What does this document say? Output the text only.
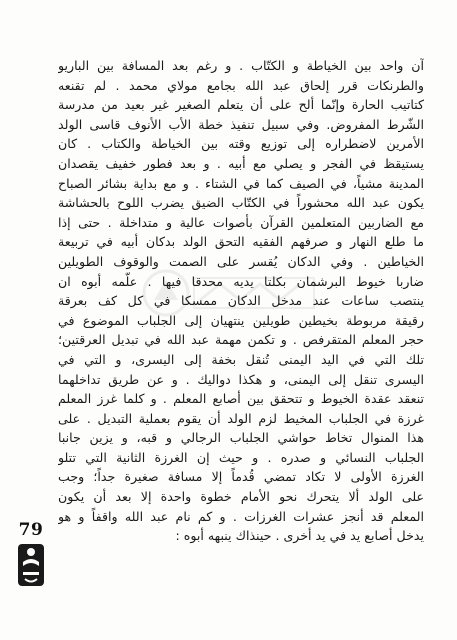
آن واحد بين الخياطة و الكتّاب . و رغم بعد المسافة بين الباريو
والطرنكات قرر إلحاق عبد الله بجامع مولاي محمد . لم تقنعه
كتاتيب الحارة وإنّما ألح على أن يتعلم الصغير غير بعيد من مدرسة
الشّرط المفروض. وفي سبيل تنفيذ خطة الأب الأنوف قاسى الولد
الأمرين لاضطراره إلى توزيع وقته بين الخياطة والكتاب . كان
يستيقظ في الفجر و يصلي مع أبيه . و بعد فطور خفيف يقصدان
المدينة مشياً، في الصيف كما في الشتاء . و مع بداية بشائر الصباح
يكون عبد الله محشوراً في الكتّاب الضيق يضرب اللوح بالحشاشة
مع الضاربين المتعلمين القرآن بأصوات عالية و متداخلة . حتى إذا
ما طلع النهار و صرفهم الفقيه التحق الولد بدكان أبيه في تربيعة
الخياطين . وفي الدكان يُقسر على الصمت والوقوف الطويلين
ضاربا خيوط البرشمان بكلتا يديه محدقا فيها . علّمه أبوه ان
ينتصب ساعات عند مدخل الدكان ممسكا في كل كف بعرقة
رقيقة مربوطة بخيطين طويلين ينتهيان إلى الجلباب الموضوع في
حجر المعلم المتقرفص . و تكمن مهمة عبد الله في تبديل العرقتين؛
تلك التي في اليد اليمنى تُنقل بخفة إلى اليسرى، و التي في
اليسرى تنقل إلى اليمنى، و هكذا دواليك . و عن طريق تداخلهما
تنعقد عقدة الخيوط و تتحقق بين أصابع المعلم . و كلما غرز المعلم
غرزة في الجلباب المخيط لزم الولد أن يقوم بعملية التبديل . على
هذا المنوال تخاط حواشي الجلباب الرجالي و قبه، و يزين جانبا
الجلباب النسائي و صدره . و حيث إن الغرزة الثانية التي تتلو
الغرزة الأولى لا تكاد تمضي قُدماً إلا مسافة صغيرة جداً؛ وجب
على الولد ألا يتحرك نحو الأمام خطوة واحدة إلا بعد أن يكون
المعلم قد أنجز عشرات الغرزات . و كم نام عبد الله واقفاً و هو
يدخل أصابع يد في يد أخرى . حينذاك ينبهه أبوه :
79
